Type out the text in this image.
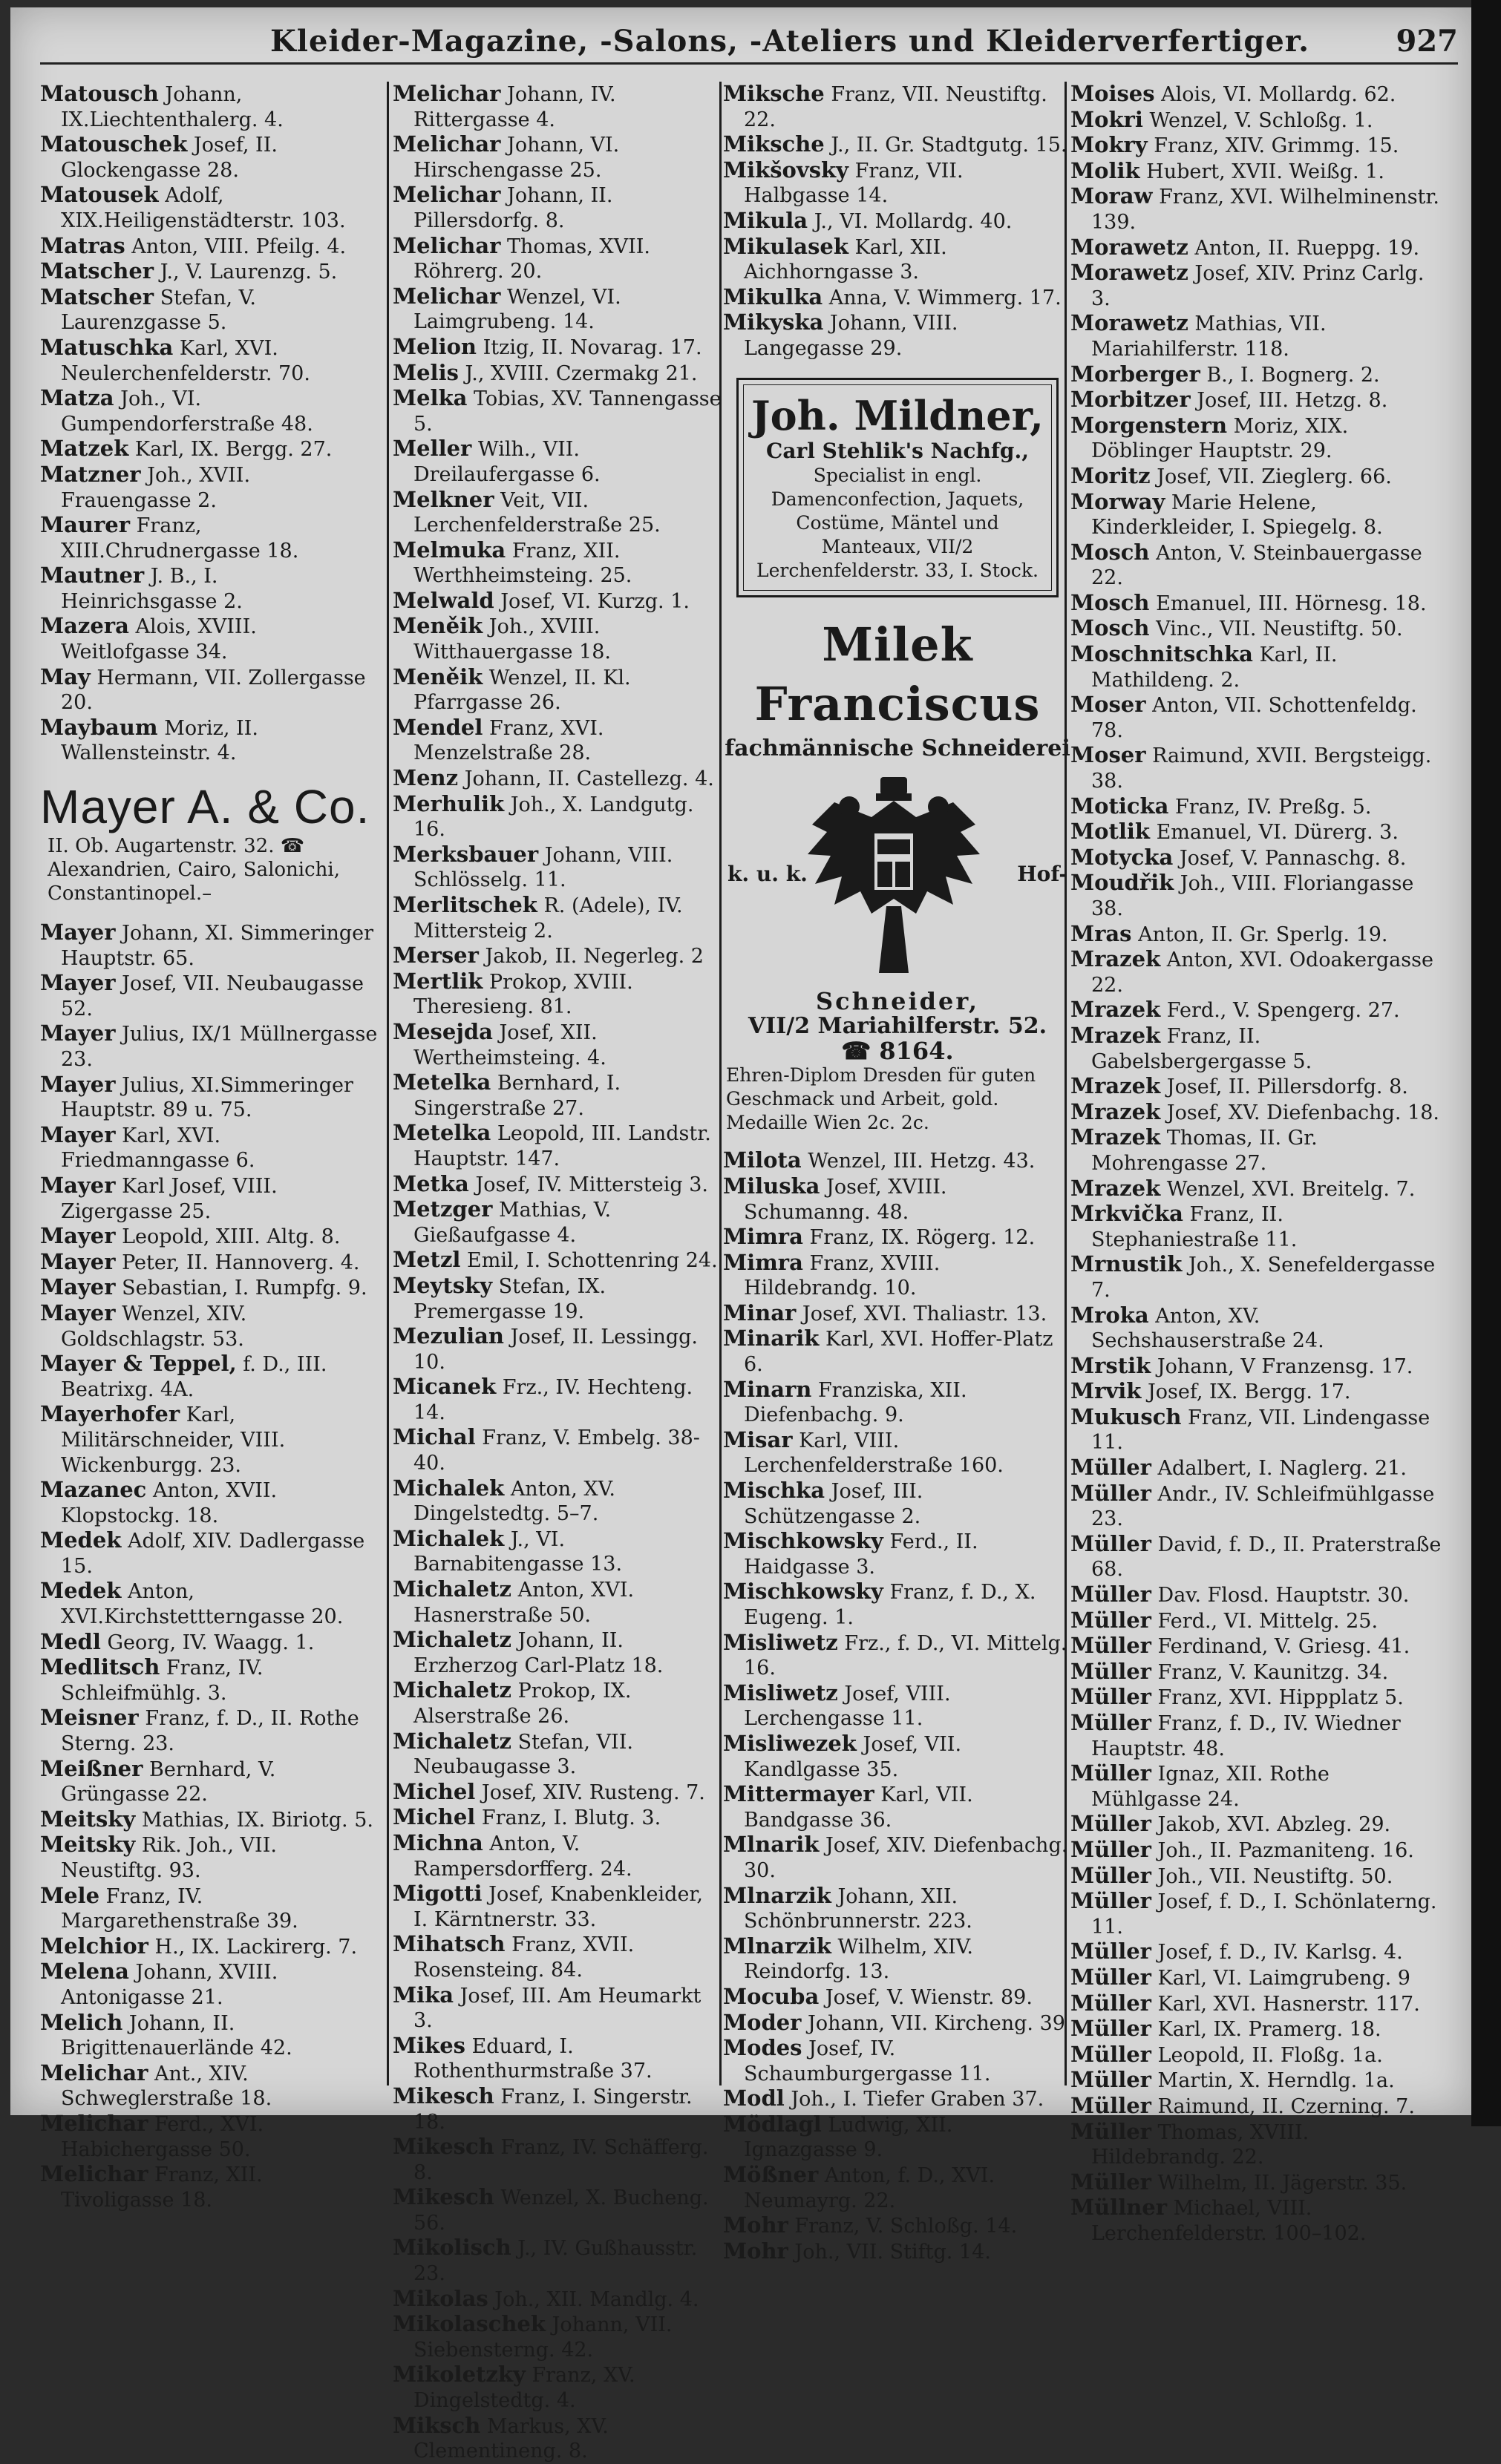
Kleider-Magazine, -Salons, -Ateliers und Kleiderverfertiger.	927

Matousch Johann, IX.Liechtenthalerg. 4.

Matouschek Josef, II. Glockengasse 28.

Matousek Adolf, XIX.Heiligenstädterstr. 103.

Matras Anton, VIII. Pfeilg. 4.

Matscher J., V. Laurenzg. 5.

Matscher Stefan, V. Laurenzgasse 5.

Matuschka Karl, XVI. Neulerchenfelderstr. 70.

Matza Joh., VI. Gumpendorferstraße 48.

Matzek Karl, IX. Bergg. 27.

Matzner Joh., XVII. Frauengasse 2.

Maurer Franz, XIII.Chrudnergasse 18.

Mautner J. B., I. Heinrichsgasse 2.

Mazera Alois, XVIII. Weitlofgasse 34.

May Hermann, VII. Zollergasse 20.

Maybaum Moriz, II. Wallensteinstr. 4.

Mayer A. & Co.
II. Ob. Augartenstr. 32. ☎ Alexandrien, Cairo, Salonichi, Constantinopel.–

Mayer Johann, XI. Simmeringer Hauptstr. 65.

Mayer Josef, VII. Neubaugasse 52.

Mayer Julius, IX/1 Müllnergasse 23.

Mayer Julius, XI.Simmeringer Hauptstr. 89 u. 75.

Mayer Karl, XVI. Friedmanngasse 6.

Mayer Karl Josef, VIII. Zigergasse 25.

Mayer Leopold, XIII. Altg. 8.

Mayer Peter, II. Hannoverg. 4.

Mayer Sebastian, I. Rumpfg. 9.

Mayer Wenzel, XIV. Goldschlagstr. 53.

Mayer & Teppel, f. D., III. Beatrixg. 4A.

Mayerhofer Karl, Militärschneider, VIII. Wickenburgg. 23.

Mazanec Anton, XVII. Klopstockg. 18.

Medek Adolf, XIV. Dadlergasse 15.

Medek Anton, XVI.Kirchstettterngasse 20.

Medl Georg, IV. Waagg. 1.

Medlitsch Franz, IV. Schleifmühlg. 3.

Meisner Franz, f. D., II. Rothe Sterng. 23.

Meißner Bernhard, V. Grüngasse 22.

Meitsky Mathias, IX. Biriotg. 5.

Meitsky Rik. Joh., VII. Neustiftg. 93.

Mele Franz, IV. Margarethenstraße 39.

Melchior H., IX. Lackirerg. 7.

Melena Johann, XVIII. Antonigasse 21.

Melich Johann, II. Brigittenauerlände 42.

Melichar Ant., XIV. Schweglerstraße 18.

Melichar Ferd., XVI. Habichergasse 50.

Melichar Franz, XII. Tivoligasse 18.

Melichar Johann, IV. Rittergasse 4.

Melichar Johann, VI. Hirschengasse 25.

Melichar Johann, II. Pillersdorfg. 8.

Melichar Thomas, XVII. Röhrerg. 20.

Melichar Wenzel, VI. Laimgrubeng. 14.

Melion Itzig, II. Novarag. 17.

Melis J., XVIII. Czermakg 21.

Melka Tobias, XV. Tannengasse 5.

Meller Wilh., VII. Dreilaufergasse 6.

Melkner Veit, VII. Lerchenfelderstraße 25.

Melmuka Franz, XII. Werthheimsteing. 25.

Melwald Josef, VI. Kurzg. 1.

Meněik Joh., XVIII. Witthauergasse 18.

Meněik Wenzel, II. Kl. Pfarrgasse 26.

Mendel Franz, XVI. Menzelstraße 28.

Menz Johann, II. Castellezg. 4.

Merhulik Joh., X. Landgutg. 16.

Merksbauer Johann, VIII. Schlösselg. 11.

Merlitschek R. (Adele), IV. Mittersteig 2.

Merser Jakob, II. Negerleg. 2

Mertlik Prokop, XVIII. Theresieng. 81.

Mesejda Josef, XII. Wertheimsteing. 4.

Metelka Bernhard, I. Singerstraße 27.

Metelka Leopold, III. Landstr. Hauptstr. 147.

Metka Josef, IV. Mittersteig 3.

Metzger Mathias, V. Gießaufgasse 4.

Metzl Emil, I. Schottenring 24.

Meytsky Stefan, IX. Premergasse 19.

Mezulian Josef, II. Lessingg. 10.

Micanek Frz., IV. Hechteng. 14.

Michal Franz, V. Embelg. 38-40.

Michalek Anton, XV. Dingelstedtg. 5–7.

Michalek J., VI. Barnabitengasse 13.

Michaletz Anton, XVI. Hasnerstraße 50.

Michaletz Johann, II. Erzherzog Carl-Platz 18.

Michaletz Prokop, IX. Alserstraße 26.

Michaletz Stefan, VII. Neubaugasse 3.

Michel Josef, XIV. Rusteng. 7.

Michel Franz, I. Blutg. 3.

Michna Anton, V. Rampersdorfferg. 24.

Migotti Josef, Knabenkleider, I. Kärntnerstr. 33.

Mihatsch Franz, XVII. Rosensteing. 84.

Mika Josef, III. Am Heumarkt 3.

Mikes Eduard, I. Rothenthurmstraße 37.

Mikesch Franz, I. Singerstr. 18.

Mikesch Franz, IV. Schäfferg. 8.

Mikesch Wenzel, X. Bucheng. 56.

Mikolisch J., IV. Gußhausstr. 23.

Mikolas Joh., XII. Mandlg. 4.

Mikolaschek Johann, VII. Siebensterng. 42.

Mikoletzky Franz, XV. Dingelstedtg. 4.

Miksch Markus, XV. Clementineng. 8.

Miksche Franz, VII. Neustiftg. 22.

Miksche J., II. Gr. Stadtgutg. 15.

Mikšovsky Franz, VII. Halbgasse 14.

Mikula J., VI. Mollardg. 40.

Mikulasek Karl, XII. Aichhorngasse 3.

Mikulka Anna, V. Wimmerg. 17.

Mikyska Johann, VIII. Langegasse 29.

Joh. Mildner,
Carl Stehlik's Nachfg.,
Specialist in engl. Damenconfection, Jaquets, Costüme, Mäntel und Manteaux, VII/2 Lerchenfelderstr. 33, I. Stock.
Milek Franciscus
fachmännische Schneiderei
k. u. k.	Hof-
Schneider,
VII/2 Mariahilferstr. 52.
☎ 8164.
Ehren-Diplom Dresden für guten Geschmack und Arbeit, gold. Medaille Wien 2c. 2c.

Milota Wenzel, III. Hetzg. 43.

Miluska Josef, XVIII. Schumanng. 48.

Mimra Franz, IX. Rögerg. 12.

Mimra Franz, XVIII. Hildebrandg. 10.

Minar Josef, XVI. Thaliastr. 13.

Minarik Karl, XVI. Hoffer-Platz 6.

Minarn Franziska, XII. Diefenbachg. 9.

Misar Karl, VIII. Lerchenfelderstraße 160.

Mischka Josef, III. Schützengasse 2.

Mischkowsky Ferd., II. Haidgasse 3.

Mischkowsky Franz, f. D., X. Eugeng. 1.

Misliwetz Frz., f. D., VI. Mittelg. 16.

Misliwetz Josef, VIII. Lerchengasse 11.

Misliwezek Josef, VII. Kandlgasse 35.

Mittermayer Karl, VII. Bandgasse 36.

Mlnarik Josef, XIV. Diefenbachg. 30.

Mlnarzik Johann, XII. Schönbrunnerstr. 223.

Mlnarzik Wilhelm, XIV. Reindorfg. 13.

Mocuba Josef, V. Wienstr. 89.

Moder Johann, VII. Kircheng. 39

Modes Josef, IV. Schaumburgergasse 11.

Modl Joh., I. Tiefer Graben 37.

Mödlagl Ludwig, XII. Ignazgasse 9.

Mößner Anton, f. D., XVI. Neumayrg. 22.

Mohr Franz, V. Schloßg. 14.

Mohr Joh., VII. Stiftg. 14.

Moises Alois, VI. Mollardg. 62.

Mokri Wenzel, V. Schloßg. 1.

Mokry Franz, XIV. Grimmg. 15.

Molik Hubert, XVII. Weißg. 1.

Moraw Franz, XVI. Wilhelminenstr. 139.

Morawetz Anton, II. Rueppg. 19.

Morawetz Josef, XIV. Prinz Carlg. 3.

Morawetz Mathias, VII. Mariahilferstr. 118.

Morberger B., I. Bognerg. 2.

Morbitzer Josef, III. Hetzg. 8.

Morgenstern Moriz, XIX. Döblinger Hauptstr. 29.

Moritz Josef, VII. Zieglerg. 66.

Morway Marie Helene, Kinderkleider, I. Spiegelg. 8.

Mosch Anton, V. Steinbauergasse 22.

Mosch Emanuel, III. Hörnesg. 18.

Mosch Vinc., VII. Neustiftg. 50.

Moschnitschka Karl, II. Mathildeng. 2.

Moser Anton, VII. Schottenfeldg. 78.

Moser Raimund, XVII. Bergsteigg. 38.

Moticka Franz, IV. Preßg. 5.

Motlik Emanuel, VI. Dürerg. 3.

Motycka Josef, V. Pannaschg. 8.

Moudřik Joh., VIII. Floriangasse 38.

Mras Anton, II. Gr. Sperlg. 19.

Mrazek Anton, XVI. Odoakergasse 22.

Mrazek Ferd., V. Spengerg. 27.

Mrazek Franz, II. Gabelsbergergasse 5.

Mrazek Josef, II. Pillersdorfg. 8.

Mrazek Josef, XV. Diefenbachg. 18.

Mrazek Thomas, II. Gr. Mohrengasse 27.

Mrazek Wenzel, XVI. Breitelg. 7.

Mrkvička Franz, II. Stephaniestraße 11.

Mrnustik Joh., X. Senefeldergasse 7.

Mroka Anton, XV. Sechshauserstraße 24.

Mrstik Johann, V Franzensg. 17.

Mrvik Josef, IX. Bergg. 17.

Mukusch Franz, VII. Lindengasse 11.

Müller Adalbert, I. Naglerg. 21.

Müller Andr., IV. Schleifmühlgasse 23.

Müller David, f. D., II. Praterstraße 68.

Müller Dav. Flosd. Hauptstr. 30.

Müller Ferd., VI. Mittelg. 25.

Müller Ferdinand, V. Griesg. 41.

Müller Franz, V. Kaunitzg. 34.

Müller Franz, XVI. Hippplatz 5.

Müller Franz, f. D., IV. Wiedner Hauptstr. 48.

Müller Ignaz, XII. Rothe Mühlgasse 24.

Müller Jakob, XVI. Abzleg. 29.

Müller Joh., II. Pazmaniteng. 16.

Müller Joh., VII. Neustiftg. 50.

Müller Josef, f. D., I. Schönlaterng. 11.

Müller Josef, f. D., IV. Karlsg. 4.

Müller Karl, VI. Laimgrubeng. 9

Müller Karl, XVI. Hasnerstr. 117.

Müller Karl, IX. Pramerg. 18.

Müller Leopold, II. Floßg. 1a.

Müller Martin, X. Herndlg. 1a.

Müller Raimund, II. Czerning. 7.

Müller Thomas, XVIII. Hildebrandg. 22.

Müller Wilhelm, II. Jägerstr. 35.

Müllner Michael, VIII. Lerchenfelderstr. 100–102.
